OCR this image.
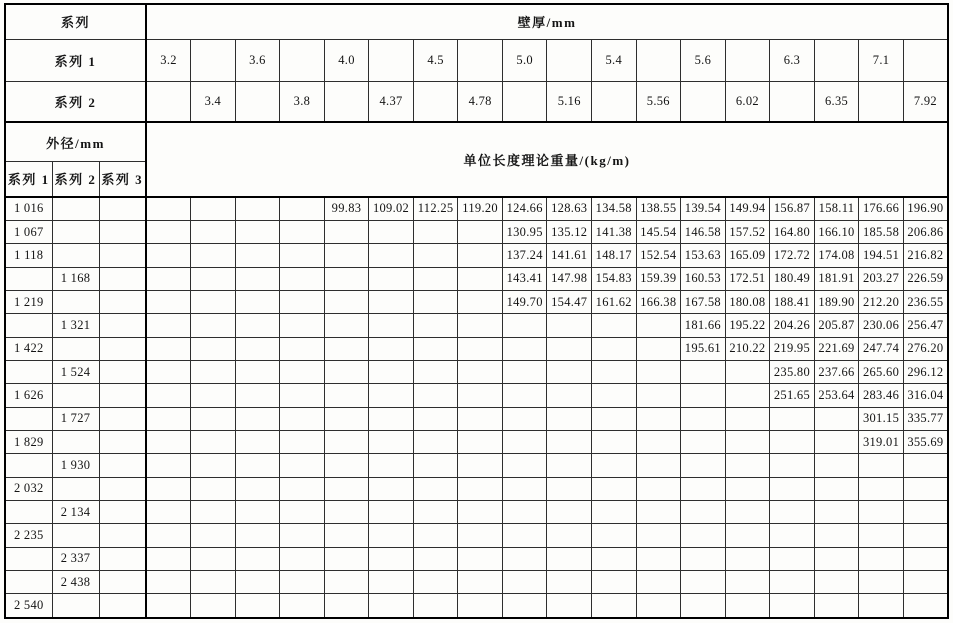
系列			壁厚/mm																	
系列 1			3.2		3.6		4.0		4.5		5.0		5.4		5.6		6.3		7.1	
系列 2				3.4		3.8		4.37		4.78		5.16		5.56		6.02		6.35		7.92
外径/mm			单位长度理论重量/(kg/m)																	
系列 1	系列 2	系列 3																		
1 016							99.83	109.02	112.25	119.20	124.66	128.63	134.58	138.55	139.54	149.94	156.87	158.11	176.66	196.90
1 067											130.95	135.12	141.38	145.54	146.58	157.52	164.80	166.10	185.58	206.86
1 118											137.24	141.61	148.17	152.54	153.63	165.09	172.72	174.08	194.51	216.82
	1 168										143.41	147.98	154.83	159.39	160.53	172.51	180.49	181.91	203.27	226.59
1 219											149.70	154.47	161.62	166.38	167.58	180.08	188.41	189.90	212.20	236.55
	1 321														181.66	195.22	204.26	205.87	230.06	256.47
1 422															195.61	210.22	219.95	221.69	247.74	276.20
	1 524																235.80	237.66	265.60	296.12
1 626																	251.65	253.64	283.46	316.04
	1 727																		301.15	335.77
1 829																			319.01	355.69
	1 930																			
2 032																				
	2 134																			
2 235																				
	2 337																			
	2 438																			
2 540																				
